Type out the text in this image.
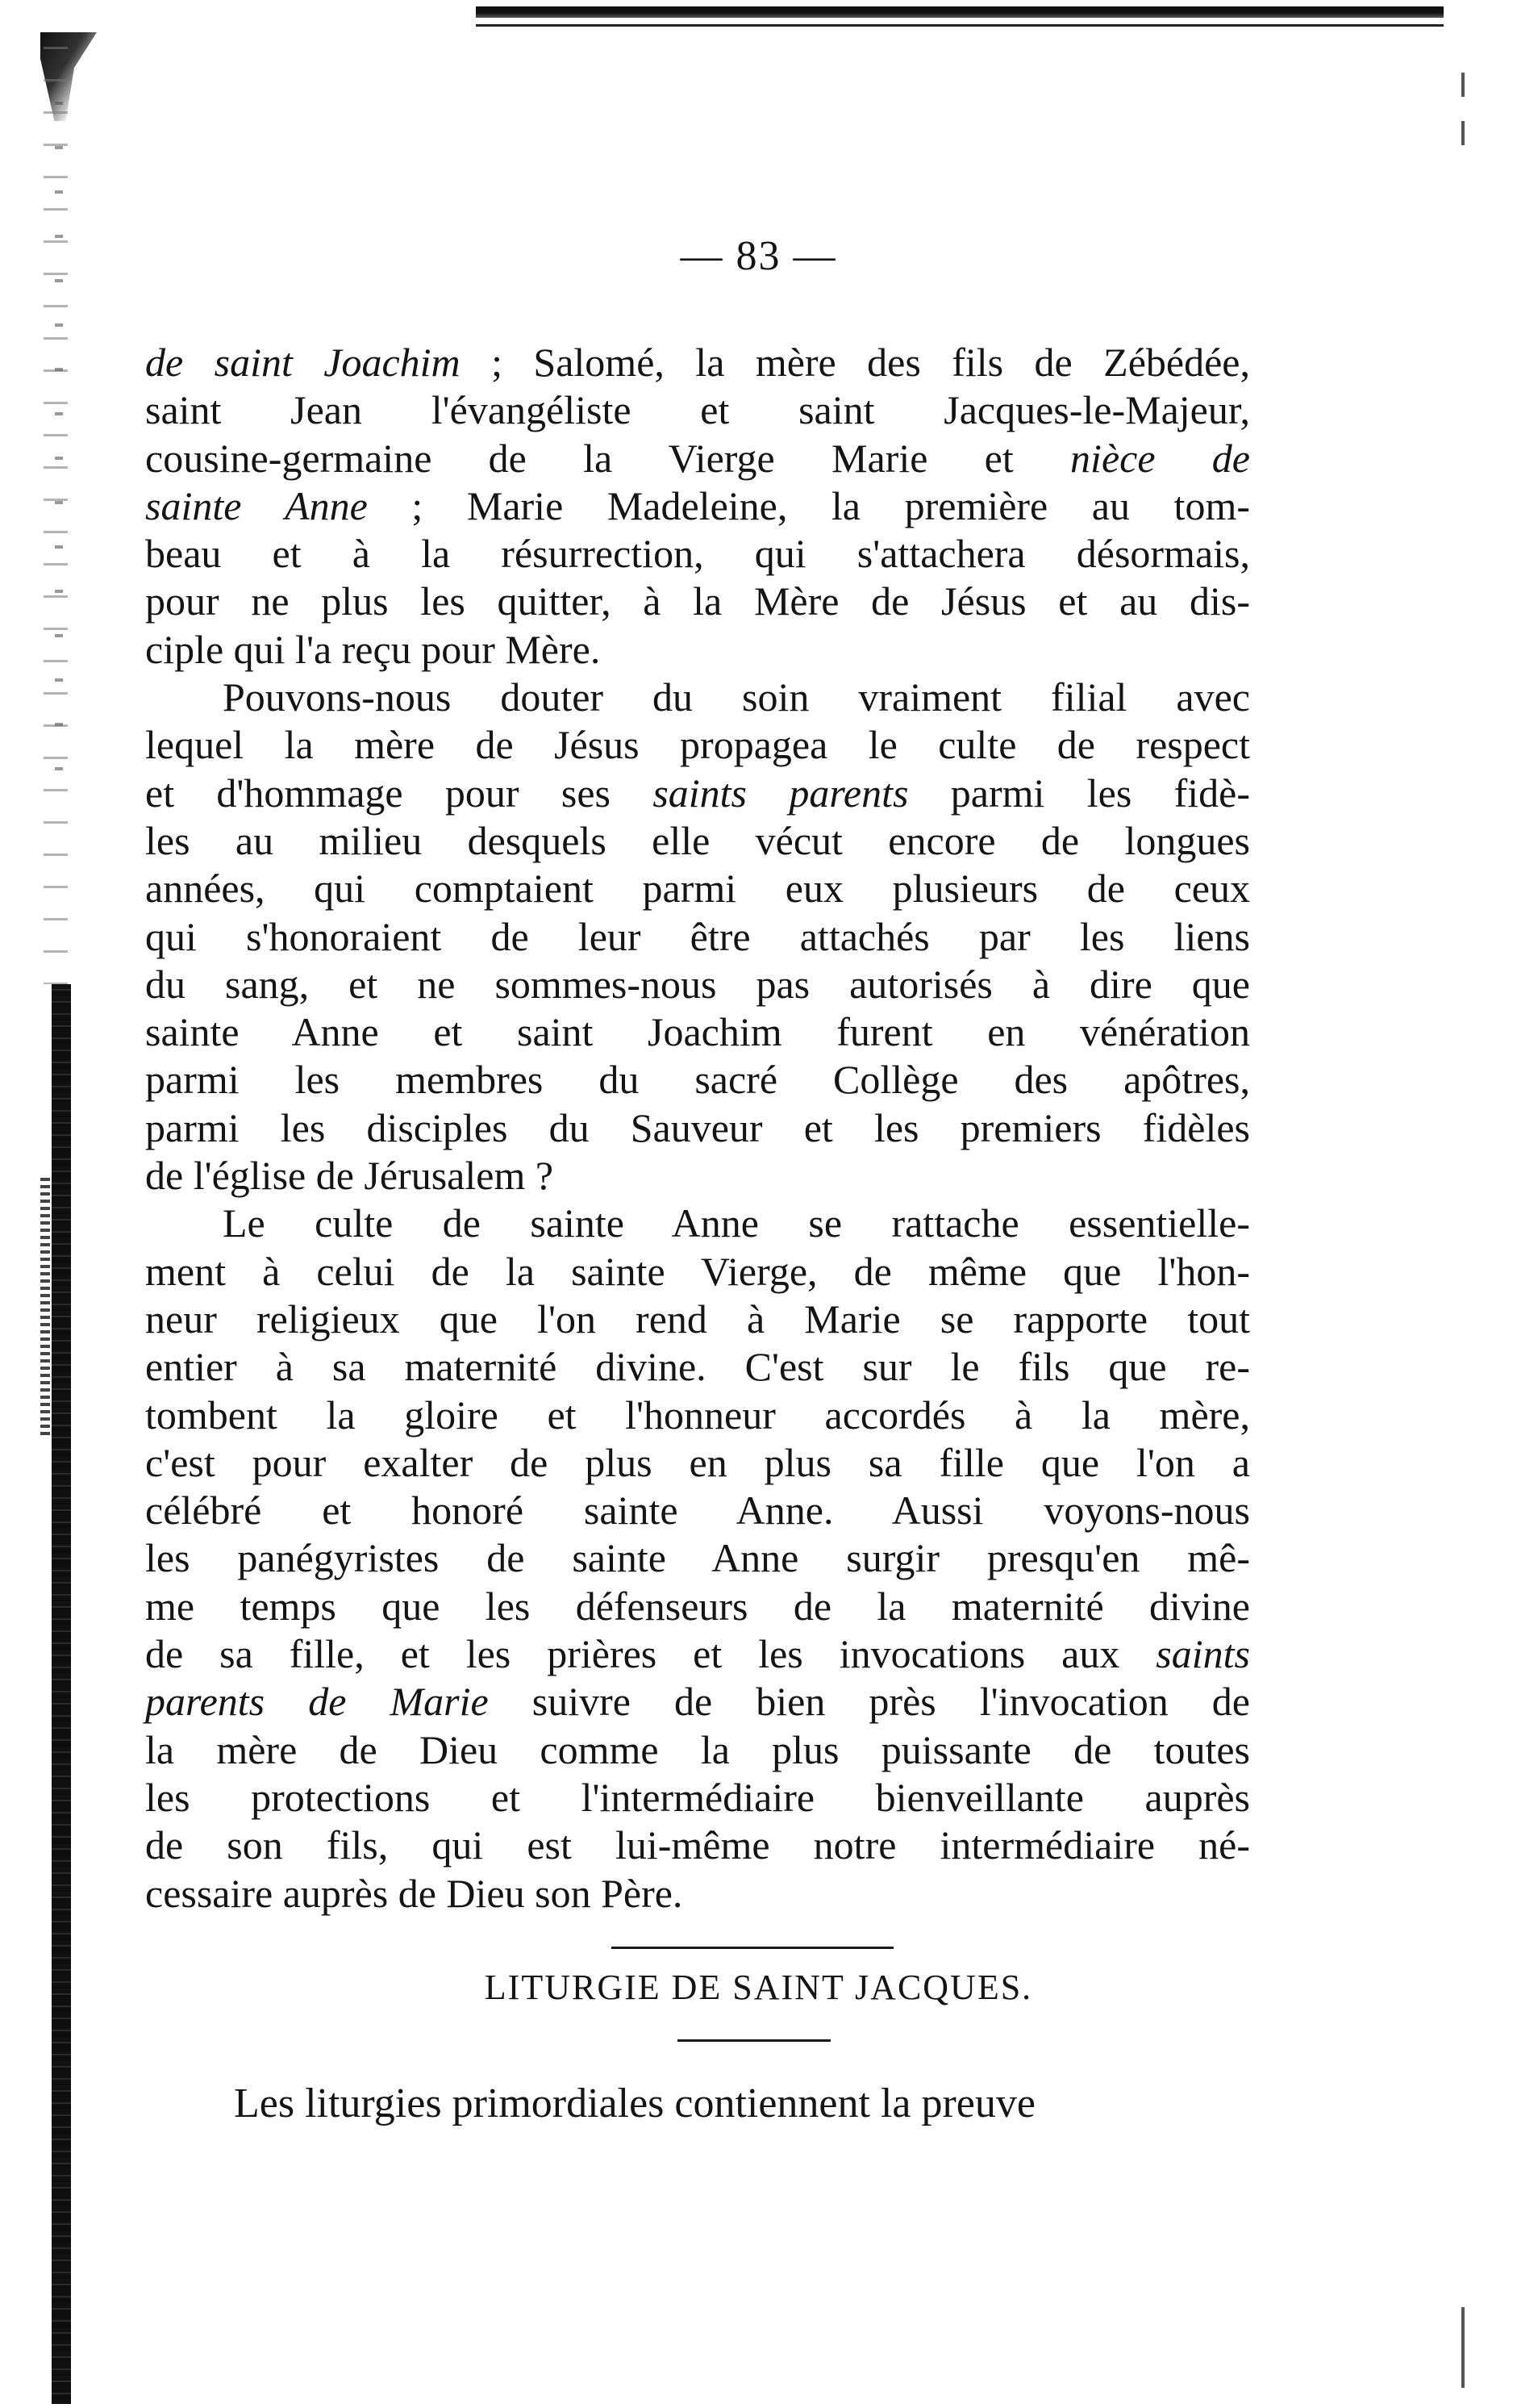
— 83 —
de saint Joachim ; Salomé, la mère des fils de Zébédée,
saint Jean l'évangéliste et saint Jacques-le-Majeur,
cousine-germaine de la Vierge Marie et nièce de
sainte Anne ; Marie Madeleine, la première au tom-
beau et à la résurrection, qui s'attachera désormais,
pour ne plus les quitter, à la Mère de Jésus et au dis-
ciple qui l'a reçu pour Mère.
Pouvons-nous douter du soin vraiment filial avec
lequel la mère de Jésus propagea le culte de respect
et d'hommage pour ses saints parents parmi les fidè-
les au milieu desquels elle vécut encore de longues
années, qui comptaient parmi eux plusieurs de ceux
qui s'honoraient de leur être attachés par les liens
du sang, et ne sommes-nous pas autorisés à dire que
sainte Anne et saint Joachim furent en vénération
parmi les membres du sacré Collège des apôtres,
parmi les disciples du Sauveur et les premiers fidèles
de l'église de Jérusalem ?
Le culte de sainte Anne se rattache essentielle-
ment à celui de la sainte Vierge, de même que l'hon-
neur religieux que l'on rend à Marie se rapporte tout
entier à sa maternité divine. C'est sur le fils que re-
tombent la gloire et l'honneur accordés à la mère,
c'est pour exalter de plus en plus sa fille que l'on a
célébré et honoré sainte Anne. Aussi voyons-nous
les panégyristes de sainte Anne surgir presqu'en mê-
me temps que les défenseurs de la maternité divine
de sa fille, et les prières et les invocations aux saints
parents de Marie suivre de bien près l'invocation de
la mère de Dieu comme la plus puissante de toutes
les protections et l'intermédiaire bienveillante auprès
de son fils, qui est lui-même notre intermédiaire né-
cessaire auprès de Dieu son Père.
LITURGIE DE SAINT JACQUES.
Les liturgies primordiales contiennent la preuve
